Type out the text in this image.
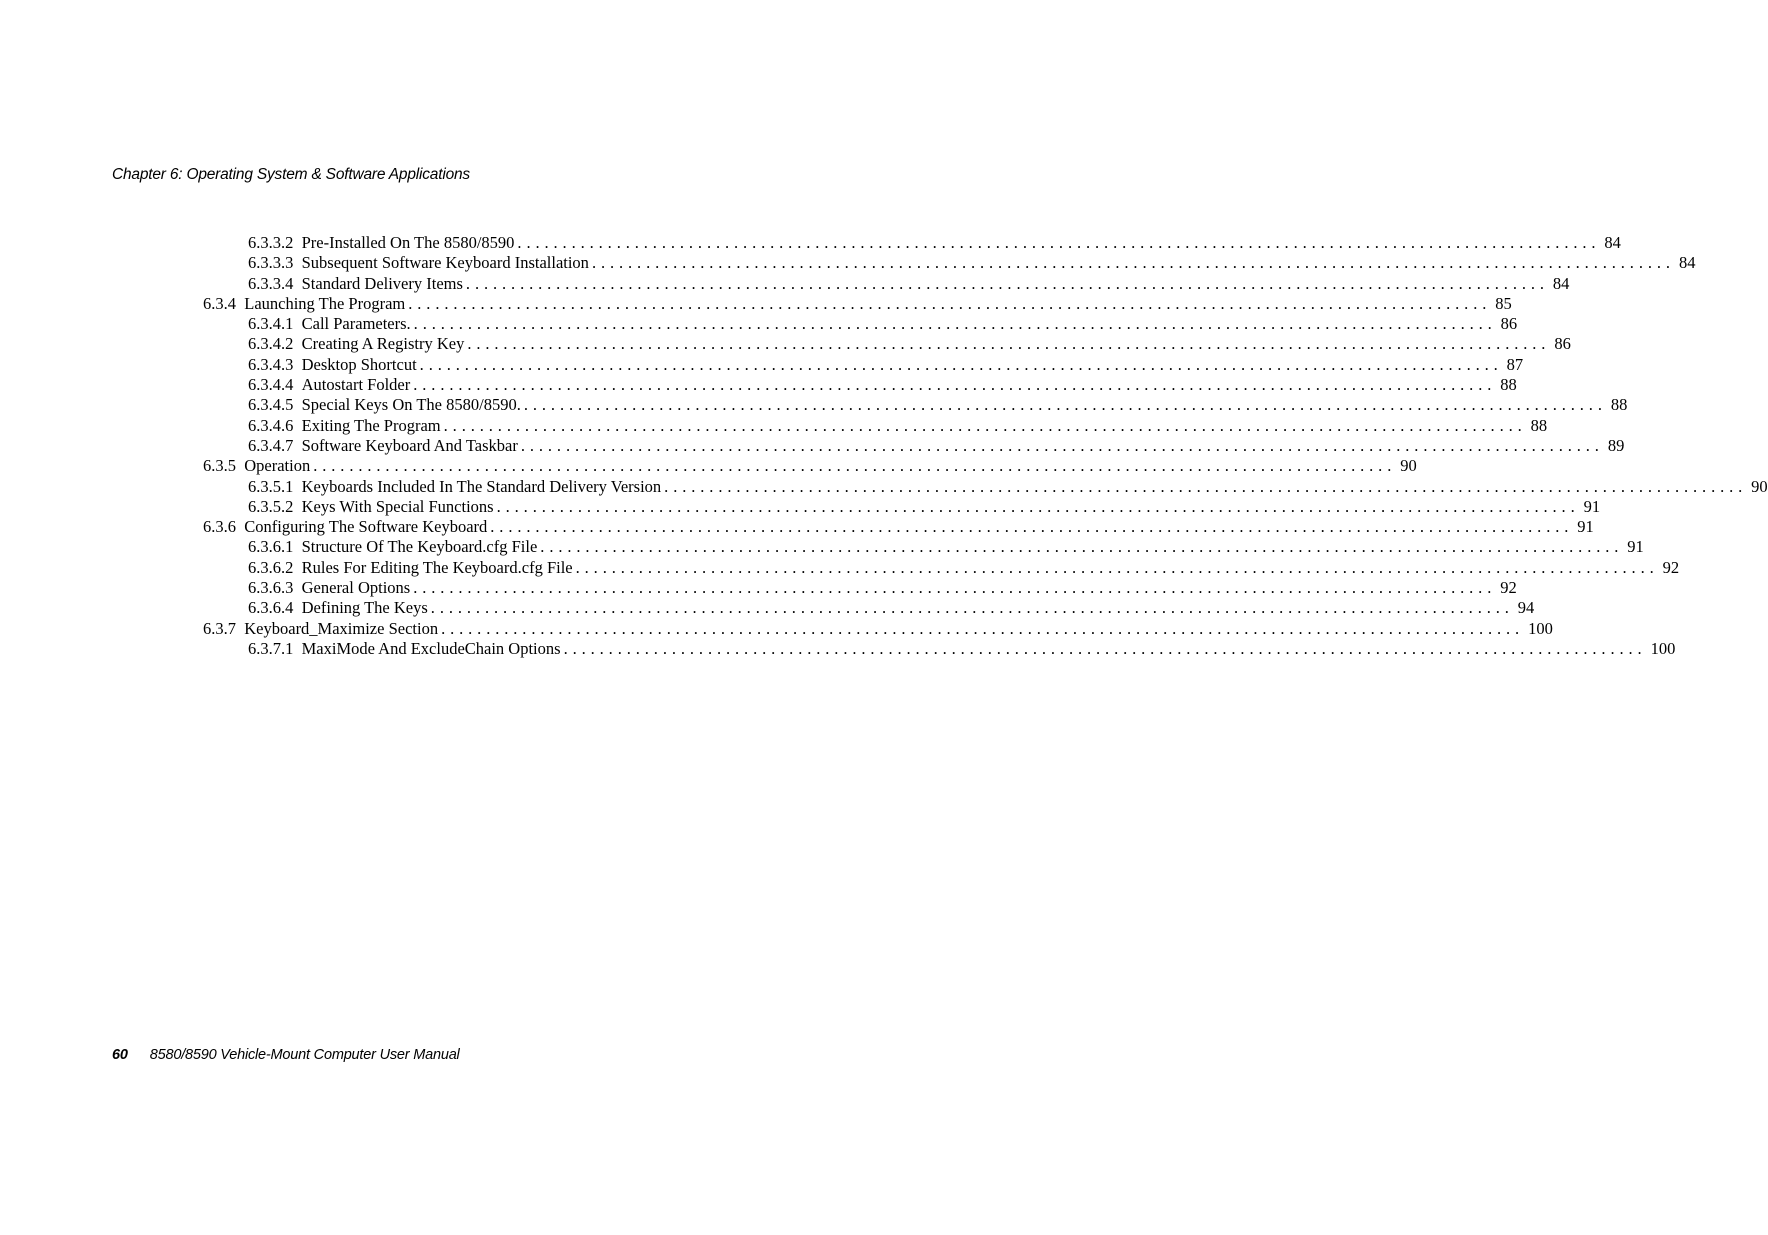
Chapter 6: Operating System & Software Applications
6.3.3.2 Pre-Installed On The 8580/8590 ........................................................................................................................ 84
6.3.3.3 Subsequent Software Keyboard Installation ........................................................................................................................ 84
6.3.3.4 Standard Delivery Items ........................................................................................................................ 84
6.3.4 Launching The Program ........................................................................................................................ 85
6.3.4.1 Call Parameters. ........................................................................................................................ 86
6.3.4.2 Creating A Registry Key ........................................................................................................................ 86
6.3.4.3 Desktop Shortcut ........................................................................................................................ 87
6.3.4.4 Autostart Folder ........................................................................................................................ 88
6.3.4.5 Special Keys On The 8580/8590. ........................................................................................................................ 88
6.3.4.6 Exiting The Program ........................................................................................................................ 88
6.3.4.7 Software Keyboard And Taskbar ........................................................................................................................ 89
6.3.5 Operation ........................................................................................................................ 90
6.3.5.1 Keyboards Included In The Standard Delivery Version ........................................................................................................................ 90
6.3.5.2 Keys With Special Functions ........................................................................................................................ 91
6.3.6 Configuring The Software Keyboard ........................................................................................................................ 91
6.3.6.1 Structure Of The Keyboard.cfg File ........................................................................................................................ 91
6.3.6.2 Rules For Editing The Keyboard.cfg File ........................................................................................................................ 92
6.3.6.3 General Options ........................................................................................................................ 92
6.3.6.4 Defining The Keys ........................................................................................................................ 94
6.3.7 Keyboard_Maximize Section ........................................................................................................................ 100
6.3.7.1 MaxiMode And ExcludeChain Options ........................................................................................................................ 100
60 8580/8590 Vehicle-Mount Computer User Manual
